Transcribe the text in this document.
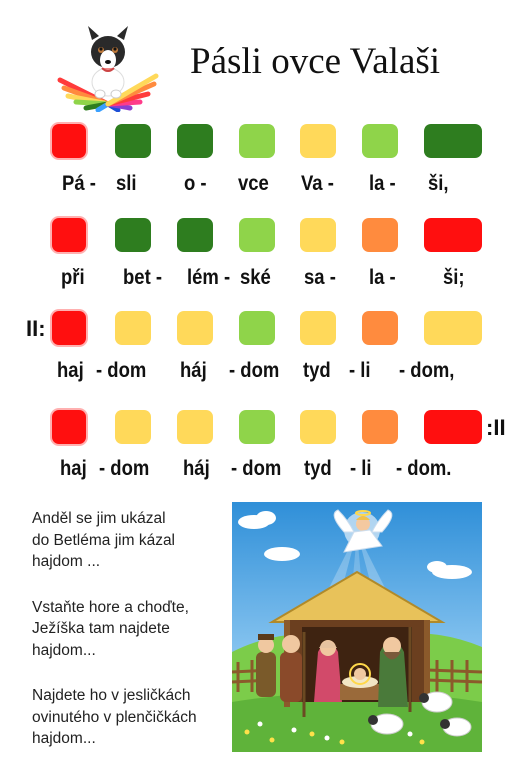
Pásli ovce Valaši
Pá - sli o - vce Va - la - ši,
při bet - lém - ské sa - la - ši;
haj - dom háj - dom tyd - li - dom,
II:
haj - dom háj - dom tyd - li - dom.
:II

Anděl se jim ukázal
do Betléma jim kázal
hajdom ...

Vstaňte hore a choďte,
Ježíška tam najdete
hajdom...

Najdete ho v jesličkách
ovinutého v plenčičkách
hajdom...
